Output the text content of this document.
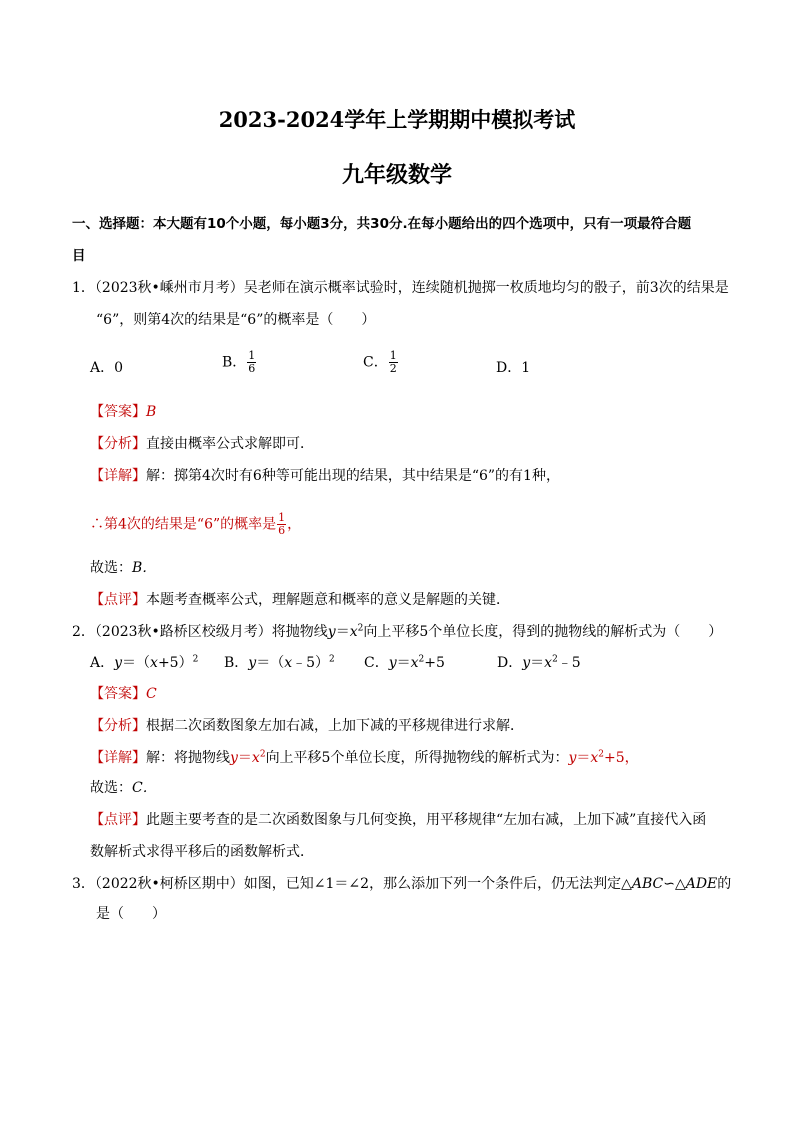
2023-2024学年上学期期中模拟考试
九年级数学
一、选择题：本大题有10个小题，每小题3分，共30分.在每小题给出的四个选项中，只有一项最符合题
目
1．（2023秋•嵊州市月考）吴老师在演示概率试验时，连续随机抛掷一枚质地均匀的骰子，前3次的结果是
“6”，则第4次的结果是“6”的概率是（　　）
A．0	B． $\frac{1}{6}$	C． $\frac{1}{2}$	D．1
【答案】B
【分析】直接由概率公式求解即可．
【详解】解：掷第4次时有6种等可能出现的结果，其中结果是“6”的有1种，
∴第4次的结果是“6”的概率是 $\frac{1}{6}$ ，
故选：B．
【点评】本题考查概率公式，理解题意和概率的意义是解题的关键．
2．（2023秋•路桥区校级月考）将抛物线$y=x^2$向上平移5个单位长度，得到的抛物线的解析式为（　　）
A．$y=(x+5)^2$ B．y＝（x﹣5）$^2$ C．$y=x^2+5$	D．$y=x^2﹣5$
【答案】C
【分析】根据二次函数图象左加右减，上加下减的平移规律进行求解．
【详解】解：将抛物线$y=x^2$向上平移5个单位长度，所得抛物线的解析式为：$y=x^2+5$，
故选：C．
【点评】此题主要考查的是二次函数图象与几何变换，用平移规律“左加右减，上加下减”直接代入函
数解析式求得平移后的函数解析式．
3．（2022秋•柯桥区期中）如图，已知∠1＝∠2，那么添加下列一个条件后，仍无法判定△ABC∽△ADE的
是（　　）
